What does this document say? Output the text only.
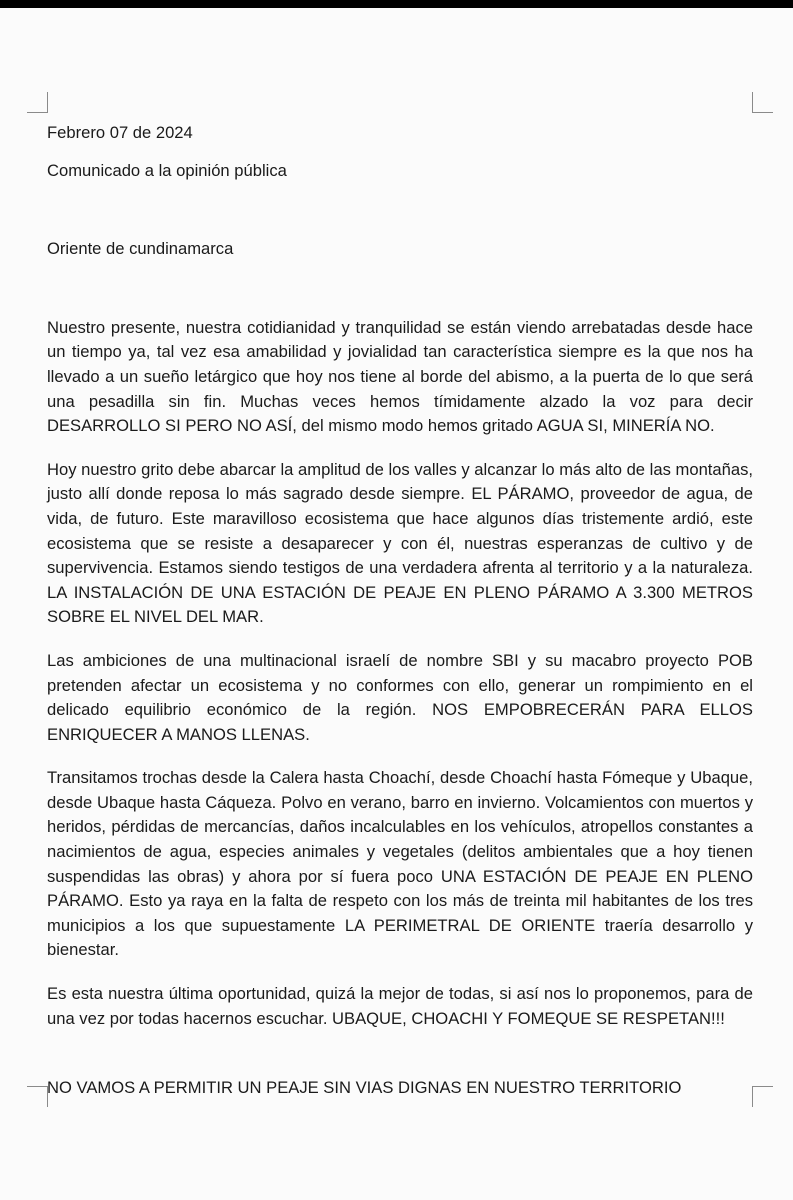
Febrero 07 de 2024

Comunicado a la opinión pública

Oriente de cundinamarca

Nuestro presente, nuestra cotidianidad y tranquilidad se están viendo arrebatadas desde hace un tiempo ya, tal vez esa amabilidad y jovialidad tan característica siempre es la que nos ha llevado a un sueño letárgico que hoy nos tiene al borde del abismo, a la puerta de lo que será una pesadilla sin fin. Muchas veces hemos tímidamente alzado la voz para decir DESARROLLO SI PERO NO ASÍ, del mismo modo hemos gritado AGUA SI, MINERÍA NO.

Hoy nuestro grito debe abarcar la amplitud de los valles y alcanzar lo más alto de las montañas, justo allí donde reposa lo más sagrado desde siempre. EL PÁRAMO, proveedor de agua, de vida, de futuro. Este maravilloso ecosistema que hace algunos días tristemente ardió, este ecosistema que se resiste a desaparecer y con él, nuestras esperanzas de cultivo y de supervivencia. Estamos siendo testigos de una verdadera afrenta al territorio y a la naturaleza. LA INSTALACIÓN DE UNA ESTACIÓN DE PEAJE EN PLENO PÁRAMO A 3.300 METROS SOBRE EL NIVEL DEL MAR.

Las ambiciones de una multinacional israelí de nombre SBI y su macabro proyecto POB pretenden afectar un ecosistema y no conformes con ello, generar un rompimiento en el delicado equilibrio económico de la región. NOS EMPOBRECERÁN PARA ELLOS ENRIQUECER A MANOS LLENAS.

Transitamos trochas desde la Calera hasta Choachí, desde Choachí hasta Fómeque y Ubaque, desde Ubaque hasta Cáqueza. Polvo en verano, barro en invierno. Volcamientos con muertos y heridos, pérdidas de mercancías, daños incalculables en los vehículos, atropellos constantes a nacimientos de agua, especies animales y vegetales (delitos ambientales que a hoy tienen suspendidas las obras) y ahora por sí fuera poco UNA ESTACIÓN DE PEAJE EN PLENO PÁRAMO. Esto ya raya en la falta de respeto con los más de treinta mil habitantes de los tres municipios a los que supuestamente LA PERIMETRAL DE ORIENTE traería desarrollo y bienestar.

Es esta nuestra última oportunidad, quizá la mejor de todas, si así nos lo proponemos, para de una vez por todas hacernos escuchar. UBAQUE, CHOACHI Y FOMEQUE SE RESPETAN!!!

NO VAMOS A PERMITIR UN PEAJE SIN VIAS DIGNAS EN NUESTRO TERRITORIO
